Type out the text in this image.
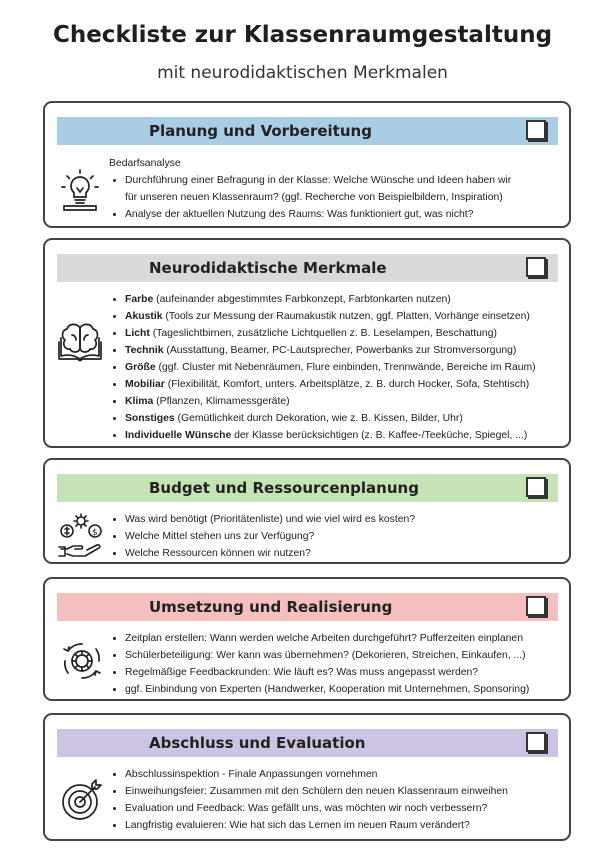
Checkliste zur Klassenraumgestaltung
mit neurodidaktischen Merkmalen
Planung und Vorbereitung

Bedarfsanalyse

• Durchführung einer Befragung in der Klasse: Welche Wünsche und Ideen haben wir
für unseren neuen Klassenraum? (ggf. Recherche von Beispielbildern, Inspiration)
• Analyse der aktuellen Nutzung des Raums: Was funktioniert gut, was nicht?
Neurodidaktische Merkmale
• Farbe (aufeinander abgestimmtes Farbkonzept, Farbtonkarten nutzen)
• Akustik (Tools zur Messung der Raumakustik nutzen, ggf. Platten, Vorhänge einsetzen)
• Licht (Tageslichtbirnen, zusätzliche Lichtquellen z. B. Leselampen, Beschattung)
• Technik (Ausstattung, Beamer, PC-Lautsprecher, Powerbanks zur Stromversorgung)
• Größe (ggf. Cluster mit Nebenräumen, Flure einbinden, Trennwände, Bereiche im Raum)
• Mobiliar (Flexibilität, Komfort, unters. Arbeitsplätze, z. B. durch Hocker, Sofa, Stehtisch)
• Klima (Pflanzen, Klimamessgeräte)
• Sonstiges (Gemütlichkeit durch Dekoration, wie z. B. Kissen, Bilder, Uhr)
• Individuelle Wünsche der Klasse berücksichtigen (z. B. Kaffee-/Teeküche, Spiegel, ...)
Budget und Ressourcenplanung
$
• Was wird benötigt (Prioritätenliste) und wie viel wird es kosten?
• Welche Mittel stehen uns zur Verfügung?
• Welche Ressourcen können wir nutzen?
Umsetzung und Realisierung
• Zeitplan erstellen: Wann werden welche Arbeiten durchgeführt? Pufferzeiten einplanen
• Schülerbeteiligung: Wer kann was übernehmen? (Dekorieren, Streichen, Einkaufen, ...)
• Regelmäßige Feedbackrunden: Wie läuft es? Was muss angepasst werden?
• ggf. Einbindung von Experten (Handwerker, Kooperation mit Unternehmen, Sponsoring)
Abschluss und Evaluation
• Abschlussinspektion - Finale Anpassungen vornehmen
• Einweihungsfeier: Zusammen mit den Schülern den neuen Klassenraum einweihen
• Evaluation und Feedback: Was gefällt uns, was möchten wir noch verbessern?
• Langfristig evaluieren: Wie hat sich das Lernen im neuen Raum verändert?
